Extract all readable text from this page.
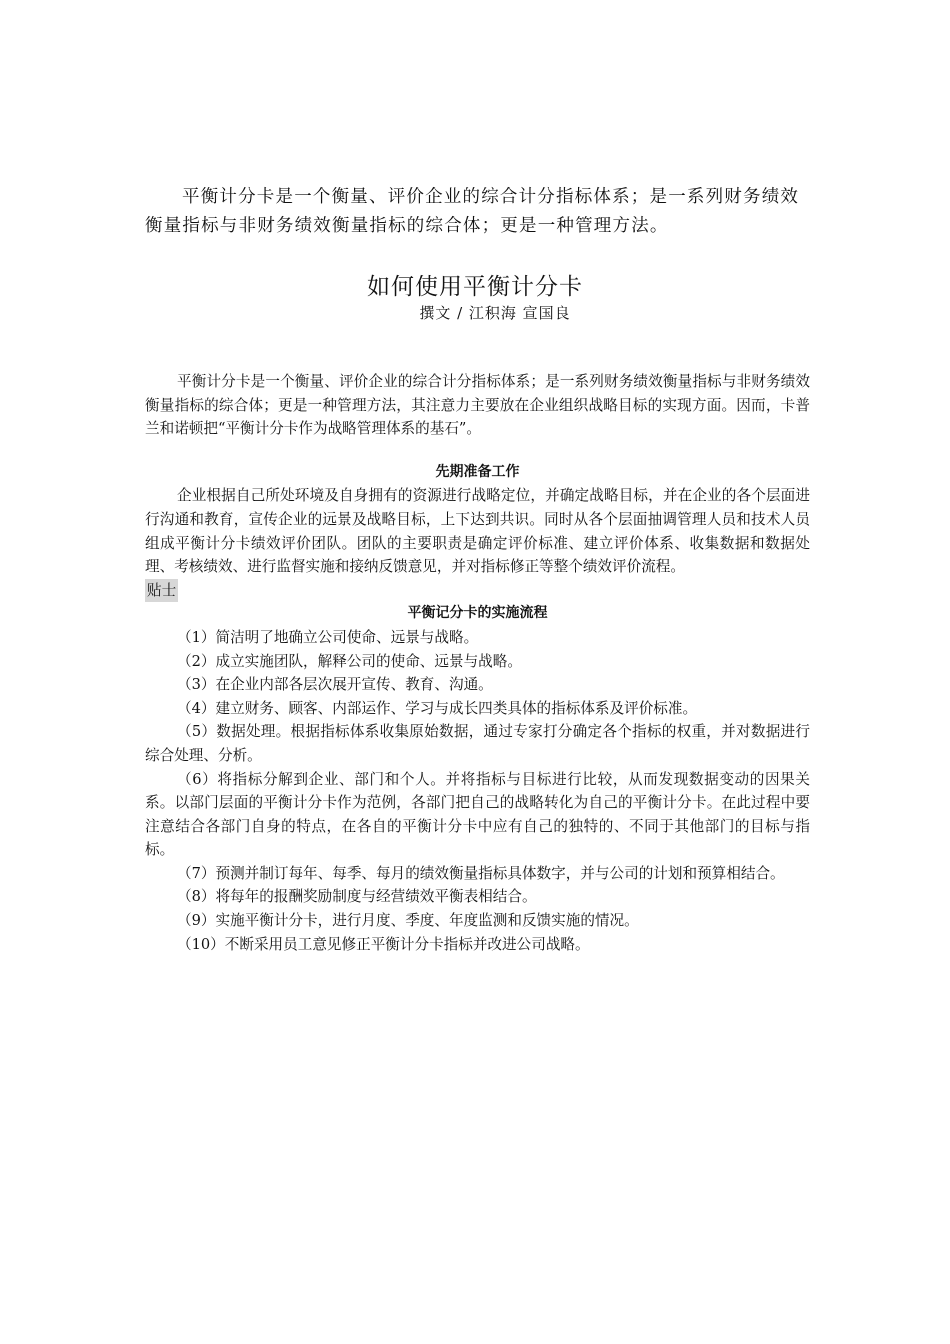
平衡计分卡是一个衡量、评价企业的综合计分指标体系；是一系列财务绩效衡量指标与非财务绩效衡量指标的综合体；更是一种管理方法。
如何使用平衡计分卡
撰文 / 江积海 宣国良

平衡计分卡是一个衡量、评价企业的综合计分指标体系；是一系列财务绩效衡量指标与非财务绩效衡量指标的综合体；更是一种管理方法，其注意力主要放在企业组织战略目标的实现方面。因而，卡普兰和诺顿把“平衡计分卡作为战略管理体系的基石”。

先期准备工作

企业根据自己所处环境及自身拥有的资源进行战略定位，并确定战略目标，并在企业的各个层面进行沟通和教育，宣传企业的远景及战略目标，上下达到共识。同时从各个层面抽调管理人员和技术人员组成平衡计分卡绩效评价团队。团队的主要职责是确定评价标准、建立评价体系、收集数据和数据处理、考核绩效、进行监督实施和接纳反馈意见，并对指标修正等整个绩效评价流程。

贴士
平衡记分卡的实施流程

（1）简洁明了地确立公司使命、远景与战略。

（2）成立实施团队，解释公司的使命、远景与战略。

（3）在企业内部各层次展开宣传、教育、沟通。

（4）建立财务、顾客、内部运作、学习与成长四类具体的指标体系及评价标准。

（5）数据处理。根据指标体系收集原始数据，通过专家打分确定各个指标的权重，并对数据进行综合处理、分析。

（6）将指标分解到企业、部门和个人。并将指标与目标进行比较，从而发现数据变动的因果关系。以部门层面的平衡计分卡作为范例，各部门把自己的战略转化为自己的平衡计分卡。在此过程中要注意结合各部门自身的特点，在各自的平衡计分卡中应有自己的独特的、不同于其他部门的目标与指标。

（7）预测并制订每年、每季、每月的绩效衡量指标具体数字，并与公司的计划和预算相结合。

（8）将每年的报酬奖励制度与经营绩效平衡表相结合。

（9）实施平衡计分卡，进行月度、季度、年度监测和反馈实施的情况。

（10）不断采用员工意见修正平衡计分卡指标并改进公司战略。
